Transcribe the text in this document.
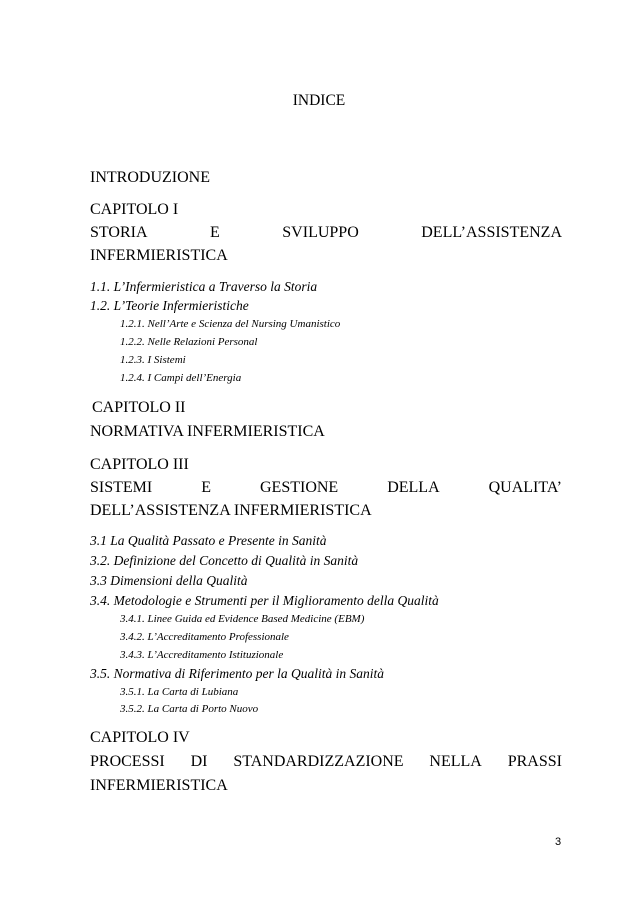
INDICE
INTRODUZIONE
CAPITOLO I
STORIA	E	SVILUPPO	DELL’ASSISTENZA
INFERMIERISTICA
1.1. L’Infermieristica a Traverso la Storia
1.2. L’Teorie Infermieristiche
1.2.1. Nell’Arte e Scienza del Nursing Umanistico
1.2.2. Nelle Relazioni Personal
1.2.3. I Sistemi
1.2.4. I Campi dell’Energia
CAPITOLO II
NORMATIVA INFERMIERISTICA
CAPITOLO III
SISTEMI	E	GESTIONE	DELLA	QUALITA’
DELL’ASSISTENZA INFERMIERISTICA
3.1 La Qualità Passato e Presente in Sanità
3.2. Definizione del Concetto di Qualità in Sanità
3.3 Dimensioni della Qualità
3.4. Metodologie e Strumenti per il Miglioramento della Qualità
3.4.1. Linee Guida ed Evidence Based Medicine (EBM)
3.4.2. L’Accreditamento Professionale
3.4.3. L’Accreditamento Istituzionale
3.5. Normativa di Riferimento per la Qualità in Sanità
3.5.1. La Carta di Lubiana
3.5.2. La Carta di Porto Nuovo
CAPITOLO IV
PROCESSI DI STANDARDIZZAZIONE NELLA PRASSI
INFERMIERISTICA
3
